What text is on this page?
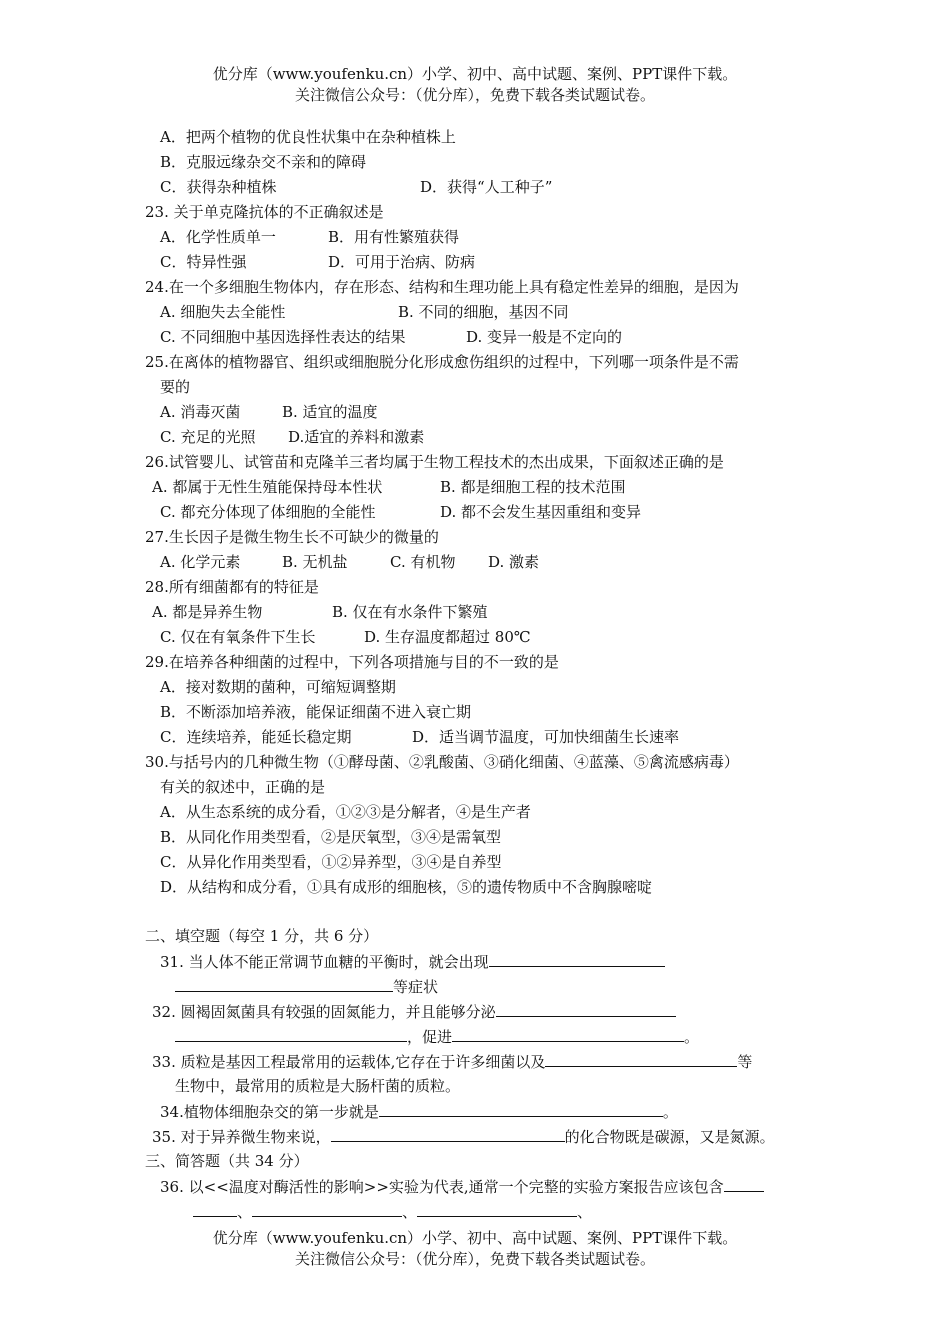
优分库（www.youfenku.cn）小学、初中、高中试题、案例、PPT课件下载。
关注微信公众号：（优分库），免费下载各类试题试卷。
A．把两个植物的优良性状集中在杂种植株上
B．克服远缘杂交不亲和的障碍
C．获得杂种植株	D．获得“人工种子”
23. 关于单克隆抗体的不正确叙述是
A．化学性质单一	B．用有性繁殖获得
C．特异性强	D．可用于治病、防病
24.在一个多细胞生物体内，存在形态、结构和生理功能上具有稳定性差异的细胞，是因为
A. 细胞失去全能性	B. 不同的细胞，基因不同
C. 不同细胞中基因选择性表达的结果	D. 变异一般是不定向的
25.在离体的植物器官、组织或细胞脱分化形成愈伤组织的过程中，下列哪一项条件是不需
要的
A. 消毒灭菌	B. 适宜的温度
C. 充足的光照 D.适宜的养料和激素
26.试管婴儿、试管苗和克隆羊三者均属于生物工程技术的杰出成果，下面叙述正确的是
A. 都属于无性生殖能保持母本性状	B. 都是细胞工程的技术范围
C. 都充分体现了体细胞的全能性	D. 都不会发生基因重组和变异
27.生长因子是微生物生长不可缺少的微量的
A. 化学元素	B. 无机盐	C. 有机物 D. 激素
28.所有细菌都有的特征是
A. 都是异养生物	B. 仅在有水条件下繁殖
C. 仅在有氧条件下生长	D. 生存温度都超过 80℃
29.在培养各种细菌的过程中，下列各项措施与目的不一致的是
A．接对数期的菌种，可缩短调整期
B．不断添加培养液，能保证细菌不进入衰亡期
C．连续培养，能延长稳定期	D．适当调节温度，可加快细菌生长速率
30.与括号内的几种微生物（①酵母菌、②乳酸菌、③硝化细菌、④蓝藻、⑤禽流感病毒）
有关的叙述中，正确的是
A．从生态系统的成分看，①②③是分解者，④是生产者
B．从同化作用类型看，②是厌氧型，③④是需氧型
C．从异化作用类型看，①②异养型，③④是自养型
D．从结构和成分看，①具有成形的细胞核，⑤的遗传物质中不含胸腺嘧啶
二、填空题（每空 1 分，共 6 分）
31. 当人体不能正常调节血糖的平衡时，就会出现
等症状
32. 圆褐固氮菌具有较强的固氮能力，并且能够分泌
，促进	。
33. 质粒是基因工程最常用的运载体,它存在于许多细菌以及	等
生物中，最常用的质粒是大肠杆菌的质粒。
34.植物体细胞杂交的第一步就是	。
35. 对于异养微生物来说，	的化合物既是碳源，又是氮源。
三、简答题（共 34 分）
36. 以<<温度对酶活性的影响>>实验为代表,通常一个完整的实验方案报告应该包含
、	、	、
优分库（www.youfenku.cn）小学、初中、高中试题、案例、PPT课件下载。
关注微信公众号：（优分库），免费下载各类试题试卷。
